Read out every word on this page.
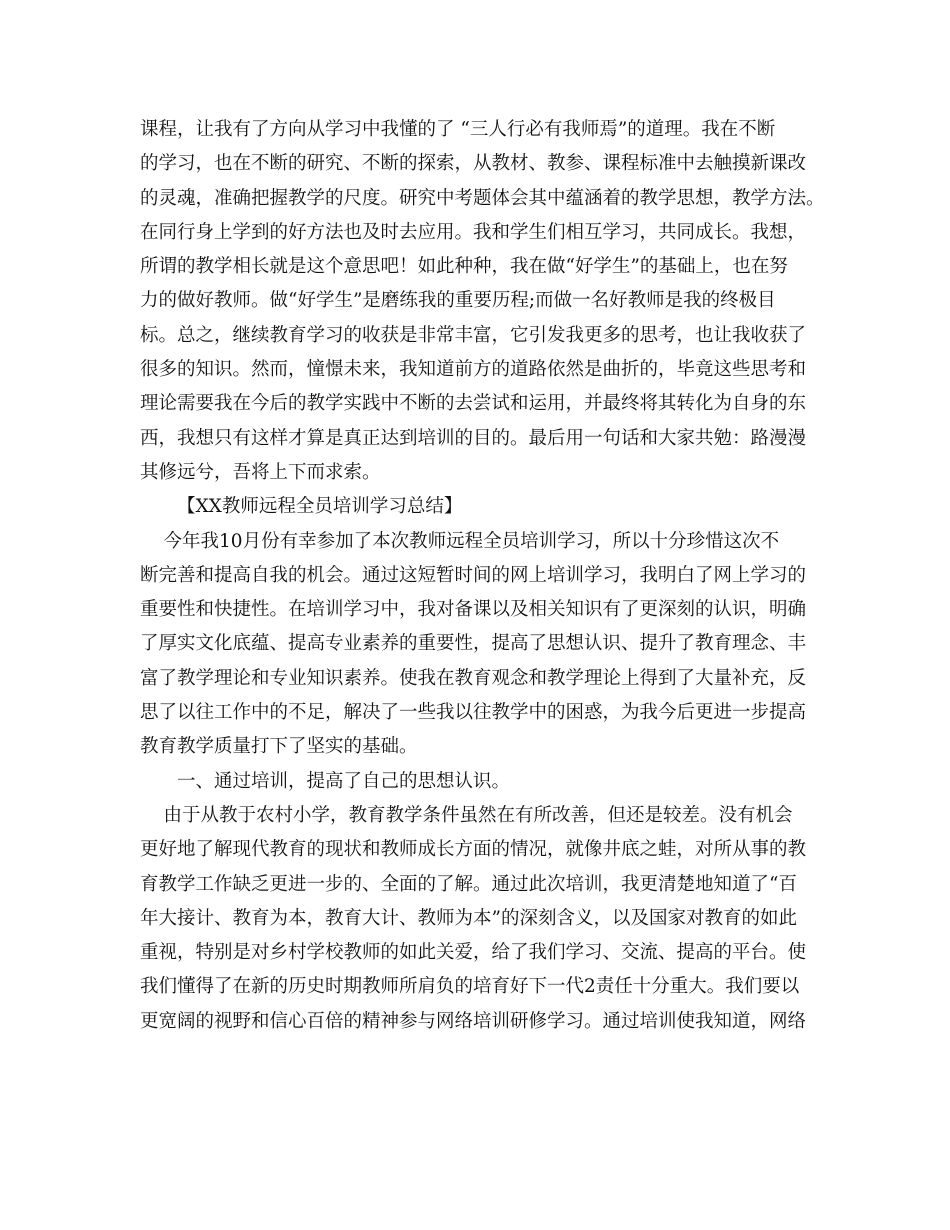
课程，让我有了方向从学习中我懂的了 “三人行必有我师焉”的道理。我在不断
的学习，也在不断的研究、不断的探索，从教材、教参、课程标准中去触摸新课改
的灵魂，准确把握教学的尺度。研究中考题体会其中蕴涵着的教学思想，教学方法。
在同行身上学到的好方法也及时去应用。我和学生们相互学习，共同成长。我想，
所谓的教学相长就是这个意思吧！如此种种，我在做“好学生”的基础上，也在努
力的做好教师。做“好学生”是磨练我的重要历程;而做一名好教师是我的终极目
标。总之，继续教育学习的收获是非常丰富，它引发我更多的思考，也让我收获了
很多的知识。然而，憧憬未来，我知道前方的道路依然是曲折的，毕竟这些思考和
理论需要我在今后的教学实践中不断的去尝试和运用，并最终将其转化为自身的东
西，我想只有这样才算是真正达到培训的目的。最后用一句话和大家共勉：路漫漫
其修远兮，吾将上下而求索。
【XX教师远程全员培训学习总结】
今年我10月份有幸参加了本次教师远程全员培训学习，所以十分珍惜这次不
断完善和提高自我的机会。通过这短暂时间的网上培训学习，我明白了网上学习的
重要性和快捷性。在培训学习中，我对备课以及相关知识有了更深刻的认识，明确
了厚实文化底蕴、提高专业素养的重要性，提高了思想认识、提升了教育理念、丰
富了教学理论和专业知识素养。使我在教育观念和教学理论上得到了大量补充，反
思了以往工作中的不足，解决了一些我以往教学中的困惑，为我今后更进一步提高
教育教学质量打下了坚实的基础。
一、通过培训，提高了自己的思想认识。
由于从教于农村小学，教育教学条件虽然在有所改善，但还是较差。没有机会
更好地了解现代教育的现状和教师成长方面的情况，就像井底之蛙，对所从事的教
育教学工作缺乏更进一步的、全面的了解。通过此次培训，我更清楚地知道了“百
年大接计、教育为本，教育大计、教师为本”的深刻含义，以及国家对教育的如此
重视，特别是对乡村学校教师的如此关爱，给了我们学习、交流、提高的平台。使
我们懂得了在新的历史时期教师所肩负的培育好下一代2责任十分重大。我们要以
更宽阔的视野和信心百倍的精神参与网络培训研修学习。通过培训使我知道，网络
